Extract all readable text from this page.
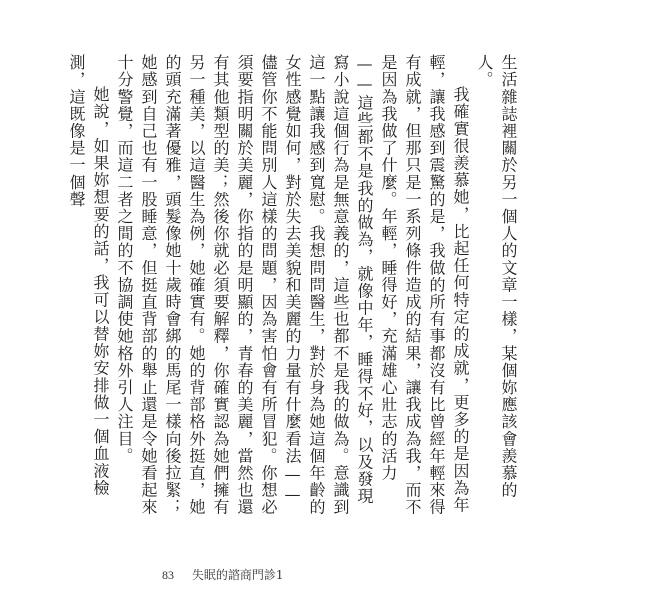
生活雜誌裡關於另一個人的文章一樣，某個妳應該會羨慕的人。

我確實很羨慕她，比起任何特定的成就，更多的是因為年輕，讓我感到震驚的是，我做的所有事都沒有比曾經年輕來得有成就，但那只是一系列條件造成的結果，讓我成為我，而不是因為我做了什麼。年輕，睡得好，充滿雄心壯志的活力——這些都不是我的做為，就像中年，睡得不好，以及發現寫小說這個行為是無意義的，這些也都不是我的做為。意識到這一點讓我感到寬慰。我想問問醫生，對於身為她這個年齡的女性感覺如何，對於失去美貌和美麗的力量有什麼看法——儘管你不能問別人這樣的問題，因為害怕會有所冒犯。你想必須要指明關於美麗，你指的是明顯的，青春的美麗，當然也還有其他類型的美；然後你就必須要解釋，你確實認為她們擁有另一種美，以這醫生為例，她確實有。她的背部格外挺直，她的頭充滿著優雅，頭髮像她十歲時會綁的馬尾一樣向後拉緊；她感到自己也有一股睡意，但挺直背部的舉止還是令她看起來十分警覺，而這二者之間的不協調使她格外引人注目。

她說，如果妳想要的話，我可以替妳安排做一個血液檢測，這既像是一個聲

83 失眠的諮商門診1
